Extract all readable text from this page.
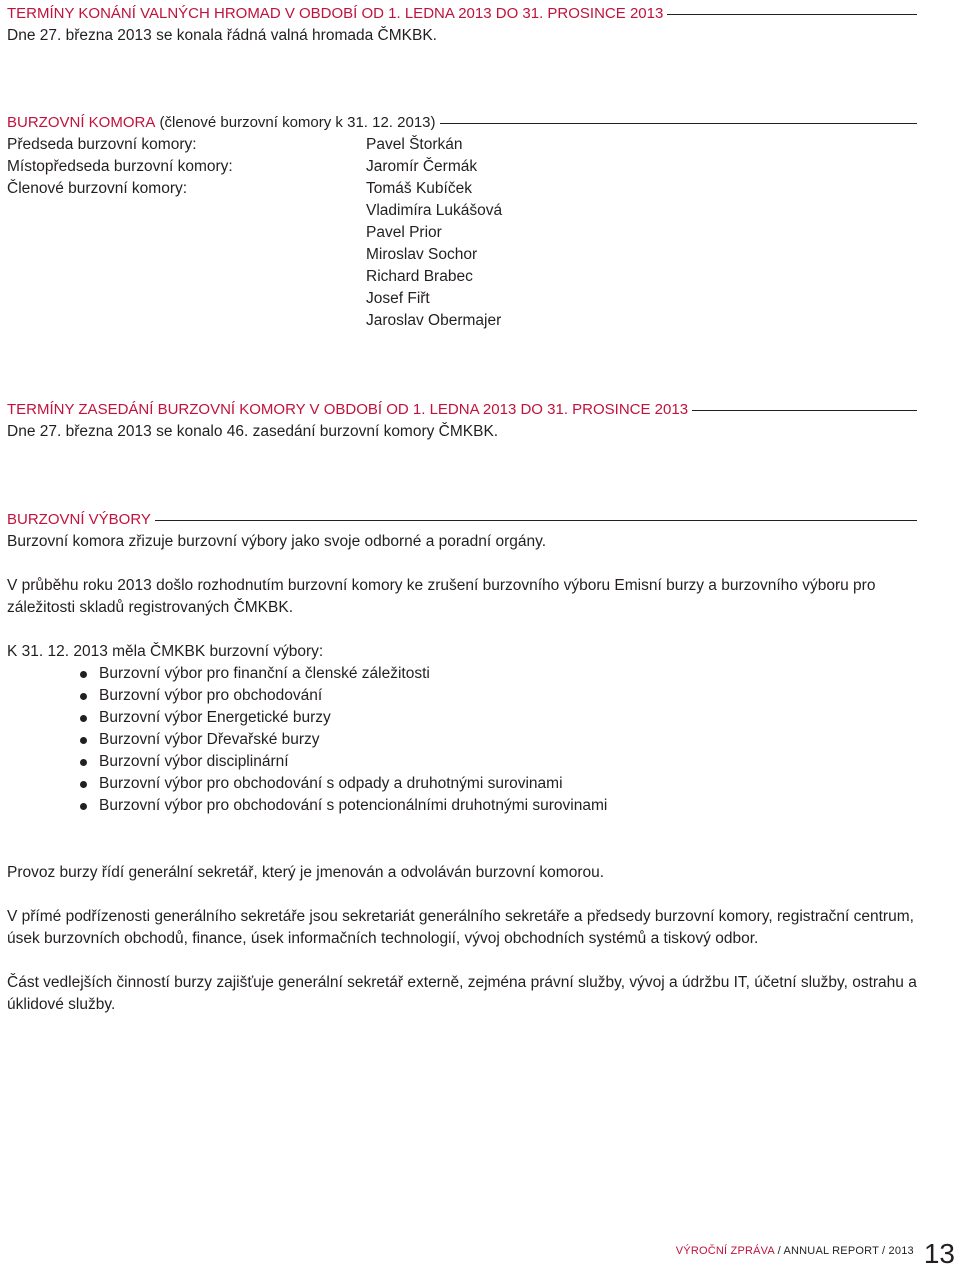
TERMÍNY KONÁNÍ VALNÝCH HROMAD V OBDOBÍ OD 1. LEDNA 2013 DO 31. PROSINCE 2013
Dne 27. března 2013 se konala řádná valná hromada ČMKBK.
BURZOVNÍ KOMORA
(členové burzovní komory k 31. 12. 2013)
Předseda burzovní komory:
Místopředseda burzovní komory:
Členové burzovní komory:
Pavel Štorkán
Jaromír Čermák
Tomáš Kubíček
Vladimíra Lukášová
Pavel Prior
Miroslav Sochor
Richard Brabec
Josef Fiřt
Jaroslav Obermajer
TERMÍNY ZASEDÁNÍ BURZOVNÍ KOMORY V OBDOBÍ OD 1. LEDNA 2013 DO 31. PROSINCE 2013
Dne 27. března 2013 se konalo 46. zasedání burzovní komory ČMKBK.
BURZOVNÍ VÝBORY
Burzovní komora zřizuje burzovní výbory jako svoje odborné a poradní orgány.
V průběhu roku 2013 došlo rozhodnutím burzovní komory ke zrušení burzovního výboru Emisní burzy a burzovního výboru pro záležitosti skladů registrovaných ČMKBK.
K 31. 12. 2013 měla ČMKBK burzovní výbory:
Burzovní výbor pro finanční a členské záležitosti
Burzovní výbor pro obchodování
Burzovní výbor Energetické burzy
Burzovní výbor Dřevařské burzy
Burzovní výbor disciplinární
Burzovní výbor pro obchodování s odpady a druhotnými surovinami
Burzovní výbor pro obchodování s potencionálními druhotnými surovinami
Provoz burzy řídí generální sekretář, který je jmenován a odvoláván burzovní komorou.
V přímé podřízenosti generálního sekretáře jsou sekretariát generálního sekretáře a předsedy burzovní komory, registrační centrum, úsek burzovních obchodů, finance, úsek informačních technologií, vývoj obchodních systémů a tiskový odbor.
Část vedlejších činností burzy zajišťuje generální sekretář externě, zejména právní služby, vývoj a údržbu IT, účetní služby, ostrahu a úklidové služby.
VÝROČNÍ ZPRÁVA / ANNUAL REPORT / 2013 13
